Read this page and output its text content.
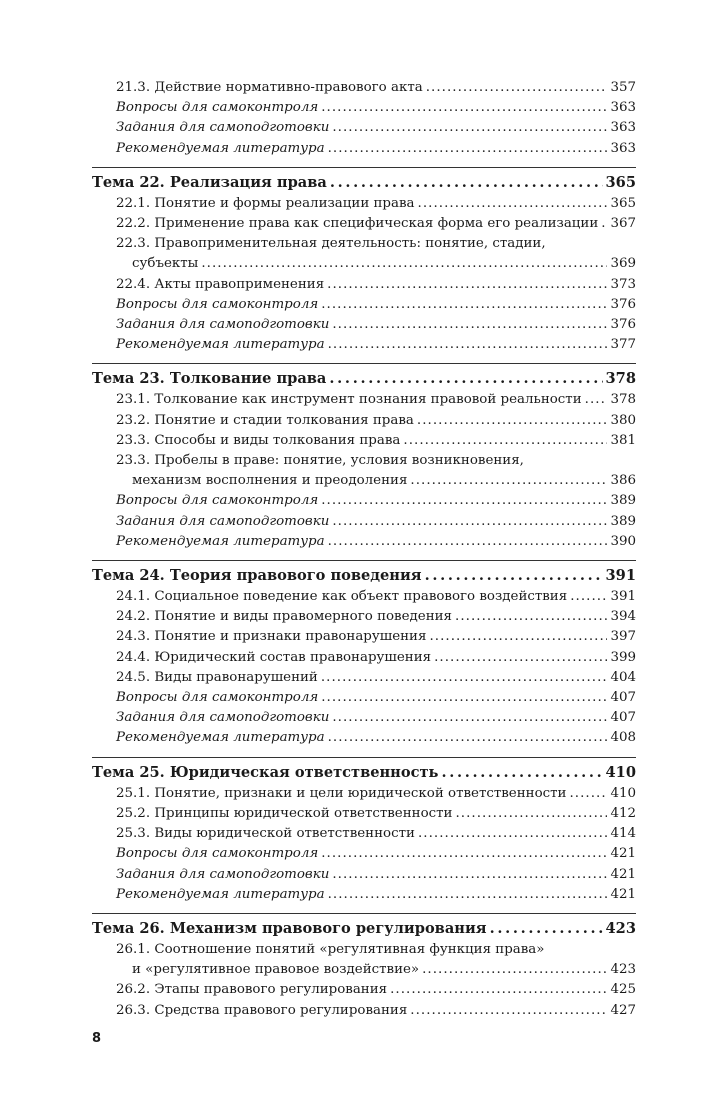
21.3. Действие нормативно-правового акта . . .	357
Вопросы для самоконтроля . . .	363
Задания для самоподготовки . . .	363
Рекомендуемая литература . . .	363
Тема 22. Реализация права . . .	365
22.1. Понятие и формы реализации права . . .	365
22.2. Применение права как специфическая форма его реализации . . . 367
22.3. Правоприменительная деятельность: понятие, стадии,
субъекты . . .	369
22.4. Акты правоприменения . . .	373
Вопросы для самоконтроля . . .	376
Задания для самоподготовки . . .	376
Рекомендуемая литература . . .	377
Тема 23. Толкование права . . .	378
23.1. Толкование как инструмент познания правовой реальности . . . 378
23.2. Понятие и стадии толкования права . . .	380
23.3. Способы и виды толкования права . . .	381
23.3. Пробелы в праве: понятие, условия возникновения,
механизм восполнения и преодоления . . .	386
Вопросы для самоконтроля . . .	389
Задания для самоподготовки . . .	389
Рекомендуемая литература . . .	390
Тема 24. Теория правового поведения . . .	391
24.1. Социальное поведение как объект правового воздействия . . .	391
24.2. Понятие и виды правомерного поведения . . .	394
24.3. Понятие и признаки правонарушения . . .	397
24.4. Юридический состав правонарушения . . .	399
24.5. Виды правонарушений . . .	404
Вопросы для самоконтроля . . .	407
Задания для самоподготовки . . .	407
Рекомендуемая литература . . .	408
Тема 25. Юридическая ответственность . . .	410
25.1. Понятие, признаки и цели юридической ответственности . . .	410
25.2. Принципы юридической ответственности . . .	412
25.3. Виды юридической ответственности . . .	414
Вопросы для самоконтроля . . .	421
Задания для самоподготовки . . .	421
Рекомендуемая литература . . .	421
Тема 26. Механизм правового регулирования . . .	423
26.1. Соотношение понятий «регулятивная функция права»
и «регулятивное правовое воздействие» . . .	423
26.2. Этапы правового регулирования . . .	425
26.3. Средства правового регулирования . . .	427
8
